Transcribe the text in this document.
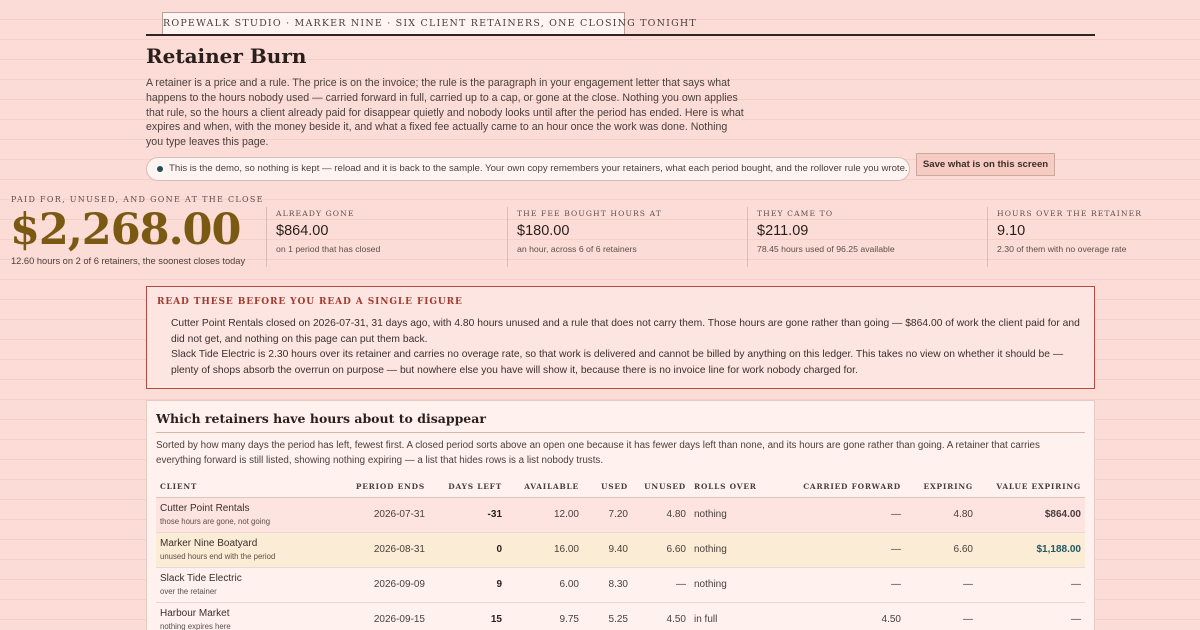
ROPEWALK STUDIO · MARKER NINE · SIX CLIENT RETAINERS, ONE CLOSING TONIGHT
Retainer Burn

A retainer is a price and a rule. The price is on the invoice; the rule is the paragraph in your engagement letter that says what happens to the hours nobody used — carried forward in full, carried up to a cap, or gone at the close. Nothing you own applies that rule, so the hours a client already paid for disappear quietly and nobody looks until after the period has ended. Here is what expires and when, with the money beside it, and what a fixed fee actually came to an hour once the work was done. Nothing you type leaves this page.

This is the demo, so nothing is kept — reload and it is back to the sample. Your own copy remembers your retainers, what each period bought, and the rollover rule you wrote.	Save what is on this screen
PAID FOR, UNUSED, AND GONE AT THE CLOSE
$2,268.00
12.60 hours on 2 of 6 retainers, the soonest closes today
ALREADY GONE
$864.00
on 1 period that has closed
THE FEE BOUGHT HOURS AT
$180.00
an hour, across 6 of 6 retainers
THEY CAME TO
$211.09
78.45 hours used of 96.25 available
HOURS OVER THE RETAINER
9.10
2.30 of them with no overage rate
READ THESE BEFORE YOU READ A SINGLE FIGURE

Cutter Point Rentals closed on 2026-07-31, 31 days ago, with 4.80 hours unused and a rule that does not carry them. Those hours are gone rather than going — $864.00 of work the client paid for and did not get, and nothing on this page can put them back.

Slack Tide Electric is 2.30 hours over its retainer and carries no overage rate, so that work is delivered and cannot be billed by anything on this ledger. This takes no view on whether it should be — plenty of shops absorb the overrun on purpose — but nowhere else you have will show it, because there is no invoice line for work nobody charged for.

Which retainers have hours about to disappear

Sorted by how many days the period has left, fewest first. A closed period sorts above an open one because it has fewer days left than none, and its hours are gone rather than going. A retainer that carries everything forward is still listed, showing nothing expiring — a list that hides rows is a list nobody trusts.

CLIENT	PERIOD ENDS	DAYS LEFT	AVAILABLE	USED	UNUSED	ROLLS OVER	CARRIED FORWARD	EXPIRING	VALUE EXPIRING

Cutter Point Rentals
those hours are gone, not going	2026-07-31	-31	12.00	7.20	4.80	nothing	—	4.80	$864.00

Marker Nine Boatyard
unused hours end with the period	2026-08-31	0	16.00	9.40	6.60	nothing	—	6.60	$1,188.00

Slack Tide Electric
over the retainer	2026-09-09	9	6.00	8.30	—	nothing	—	—	—

Harbour Market
nothing expires here	2026-09-15	15	9.75	5.25	4.50	in full	4.50	—	—
